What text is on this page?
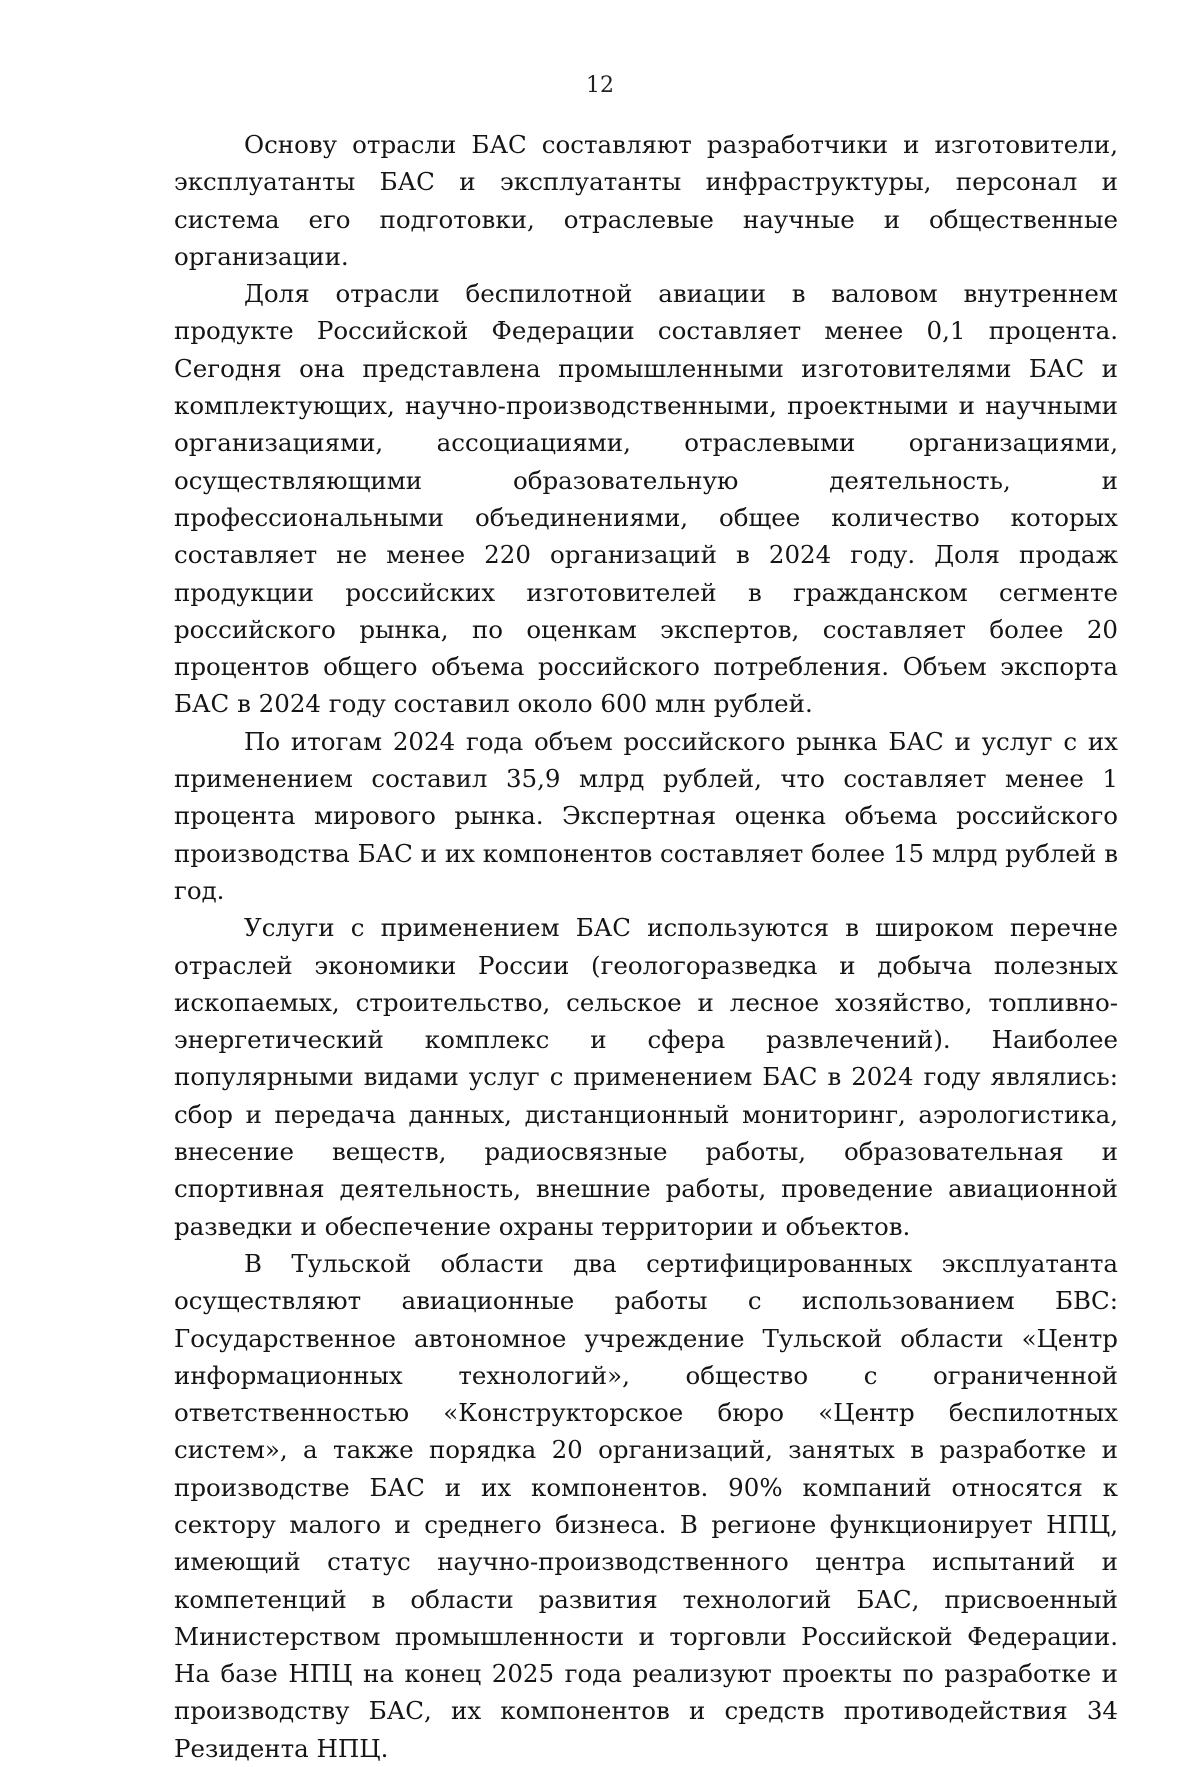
12

Основу отрасли БАС составляют разработчики и изготовители, эксплуатанты БАС и эксплуатанты инфраструктуры, персонал и система его подготовки, отраслевые научные и общественные организации.

Доля отрасли беспилотной авиации в валовом внутреннем продукте Российской Федерации составляет менее 0,1 процента. Сегодня она представлена промышленными изготовителями БАС и комплектующих, научно-производственными, проектными и научными организациями, ассоциациями, отраслевыми организациями, осуществляющими образовательную деятельность, и профессиональными объединениями, общее количество которых составляет не менее 220 организаций в 2024 году. Доля продаж продукции российских изготовителей в гражданском сегменте российского рынка, по оценкам экспертов, составляет более 20 процентов общего объема российского потребления. Объем экспорта БАС в 2024 году составил около 600 млн рублей.

По итогам 2024 года объем российского рынка БАС и услуг с их применением составил 35,9 млрд рублей, что составляет менее 1 процента мирового рынка. Экспертная оценка объема российского производства БАС и их компонентов составляет более 15 млрд рублей в год.

Услуги с применением БАС используются в широком перечне отраслей экономики России (геологоразведка и добыча полезных ископаемых, строительство, сельское и лесное хозяйство, топливно-энергетический комплекс и сфера развлечений). Наиболее популярными видами услуг с применением БАС в 2024 году являлись: сбор и передача данных, дистанционный мониторинг, аэрологистика, внесение веществ, радиосвязные работы, образовательная и спортивная деятельность, внешние работы, проведение авиационной разведки и обеспечение охраны территории и объектов.

В Тульской области два сертифицированных эксплуатанта осуществляют авиационные работы с использованием БВС: Государственное автономное учреждение Тульской области «Центр информационных технологий», общество с ограниченной ответственностью «Конструкторское бюро «Центр беспилотных систем», а также порядка 20 организаций, занятых в разработке и производстве БАС и их компонентов. 90% компаний относятся к сектору малого и среднего бизнеса. В регионе функционирует НПЦ, имеющий статус научно-производственного центра испытаний и компетенций в области развития технологий БАС, присвоенный Министерством промышленности и торговли Российской Федерации. На базе НПЦ на конец 2025 года реализуют проекты по разработке и производству БАС, их компонентов и средств противодействия 34 Резидента НПЦ.
